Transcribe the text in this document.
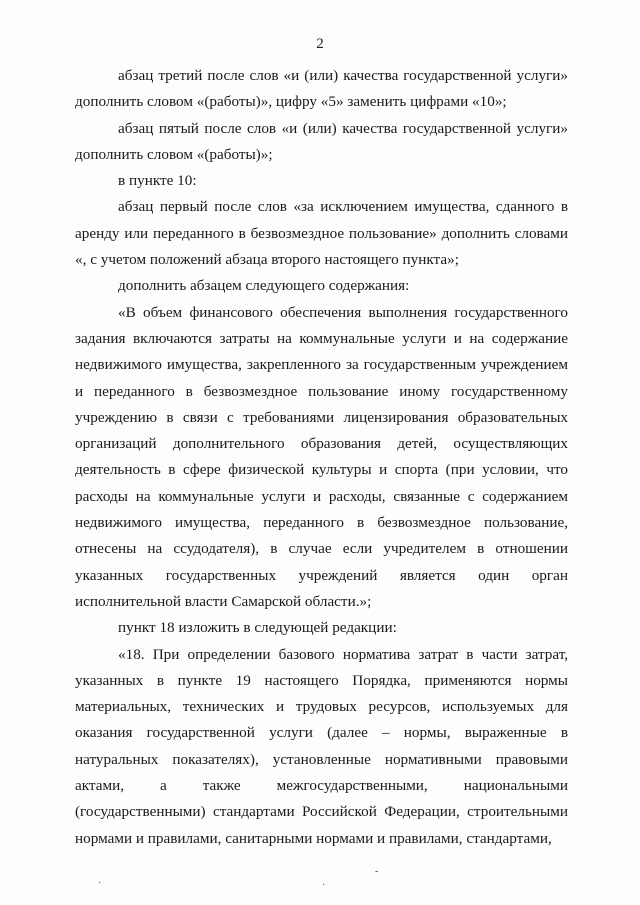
2

абзац третий после слов «и (или) качества государственной услуги» дополнить словом «(работы)», цифру «5» заменить цифрами «10»;

абзац пятый после слов «и (или) качества государственной услуги» дополнить словом «(работы)»;

в пункте 10:

абзац первый после слов «за исключением имущества, сданного в аренду или переданного в безвозмездное пользование» дополнить словами «, с учетом положений абзаца второго настоящего пункта»;

дополнить абзацем следующего содержания:

«В объем финансового обеспечения выполнения государственного задания включаются затраты на коммунальные услуги и на содержание недвижимого имущества, закрепленного за государственным учреждением и переданного в безвозмездное пользование иному государственному учреждению в связи с требованиями лицензирования образовательных организаций дополнительного образования детей, осуществляющих деятельность в сфере физической культуры и спорта (при условии, что расходы на коммунальные услуги и расходы, связанные с содержанием недвижимого имущества, переданного в безвозмездное пользование, отнесены на ссудодателя), в случае если учредителем в отношении указанных государственных учреждений является один орган исполнительной власти Самарской области.»;

пункт 18 изложить в следующей редакции:

«18. При определении базового норматива затрат в части затрат, указанных в пункте 19 настоящего Порядка, применяются нормы материальных, технических и трудовых ресурсов, используемых для оказания государственной услуги (далее – нормы, выраженные в натуральных показателях), установленные нормативными правовыми актами, а также межгосударственными, национальными (государственными) стандартами Российской Федерации, строительными нормами и правилами, санитарными нормами и правилами, стандартами,

·	·
-
